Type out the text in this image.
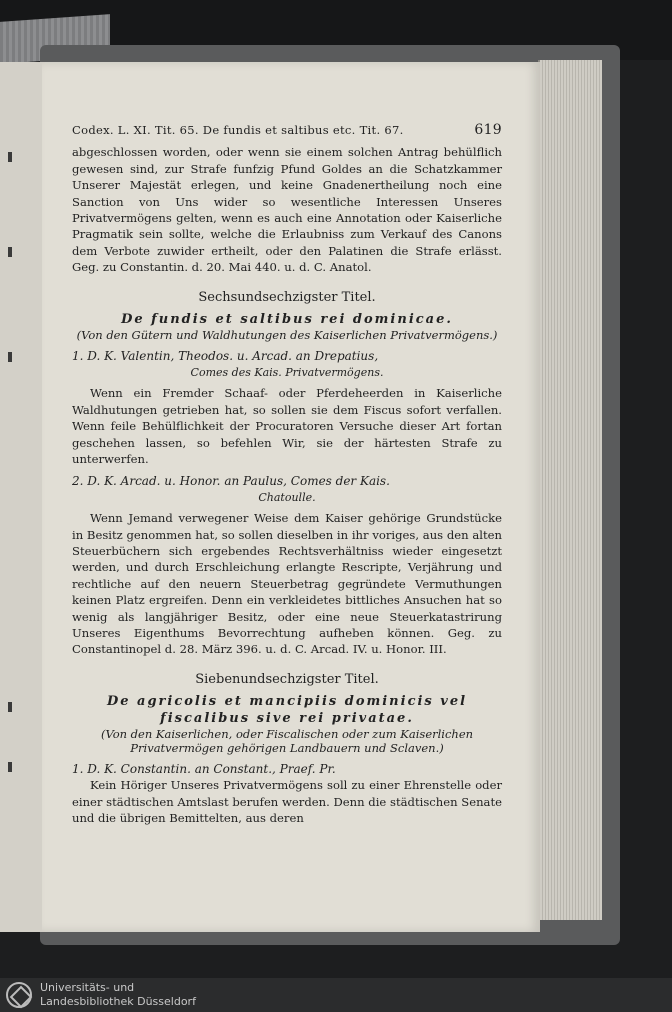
Codex. L. XI. Tit. 65. De fundis et saltibus etc. Tit. 67.	619

abgeschlossen worden, oder wenn sie einem solchen Antrag behülflich gewesen sind, zur Strafe funfzig Pfund Goldes an die Schatzkammer Unserer Majestät erlegen, und keine Gnadenertheilung noch eine Sanction von Uns wider so wesentliche Interessen Unseres Privatvermögens gelten, wenn es auch eine Annotation oder Kaiserliche Pragmatik sein sollte, welche die Erlaubniss zum Verkauf des Canons dem Verbote zuwider ertheilt, oder den Palatinen die Strafe erlässt. Geg. zu Constantin. d. 20. Mai 440. u. d. C. Anatol.

Sechsundsechzigster Titel.

De fundis et saltibus rei dominicae.

(Von den Gütern und Waldhutungen des Kaiserlichen Privatvermögens.)

1. D. K. Valentin, Theodos. u. Arcad. an Drepatius,

Comes des Kais. Privatvermögens.

Wenn ein Fremder Schaaf- oder Pferdeheerden in Kaiserliche Waldhutungen getrieben hat, so sollen sie dem Fiscus sofort verfallen. Wenn feile Behülflichkeit der Procuratoren Versuche dieser Art fortan geschehen lassen, so befehlen Wir, sie der härtesten Strafe zu unterwerfen.

2. D. K. Arcad. u. Honor. an Paulus, Comes der Kais.

Chatoulle.

Wenn Jemand verwegener Weise dem Kaiser gehörige Grundstücke in Besitz genommen hat, so sollen dieselben in ihr voriges, aus den alten Steuerbüchern sich ergebendes Rechtsverhältniss wieder eingesetzt werden, und durch Erschleichung erlangte Rescripte, Verjährung und rechtliche auf den neuern Steuerbetrag gegründete Vermuthungen keinen Platz ergreifen. Denn ein verkleidetes bittliches Ansuchen hat so wenig als langjähriger Besitz, oder eine neue Steuerkatastrirung Unseres Eigenthums Bevorrechtung aufheben können. Geg. zu Constantinopel d. 28. März 396. u. d. C. Arcad. IV. u. Honor. III.

Siebenundsechzigster Titel.

De agricolis et mancipiis dominicis vel fiscalibus sive rei privatae.

(Von den Kaiserlichen, oder Fiscalischen oder zum Kaiserlichen Privatvermögen gehörigen Landbauern und Sclaven.)

1. D. K. Constantin. an Constant., Praef. Pr.

Kein Höriger Unseres Privatvermögens soll zu einer Ehrenstelle oder einer städtischen Amtslast berufen werden. Denn die städtischen Senate und die übrigen Bemittelten, aus deren

Universitäts- und
Landesbibliothek Düsseldorf
